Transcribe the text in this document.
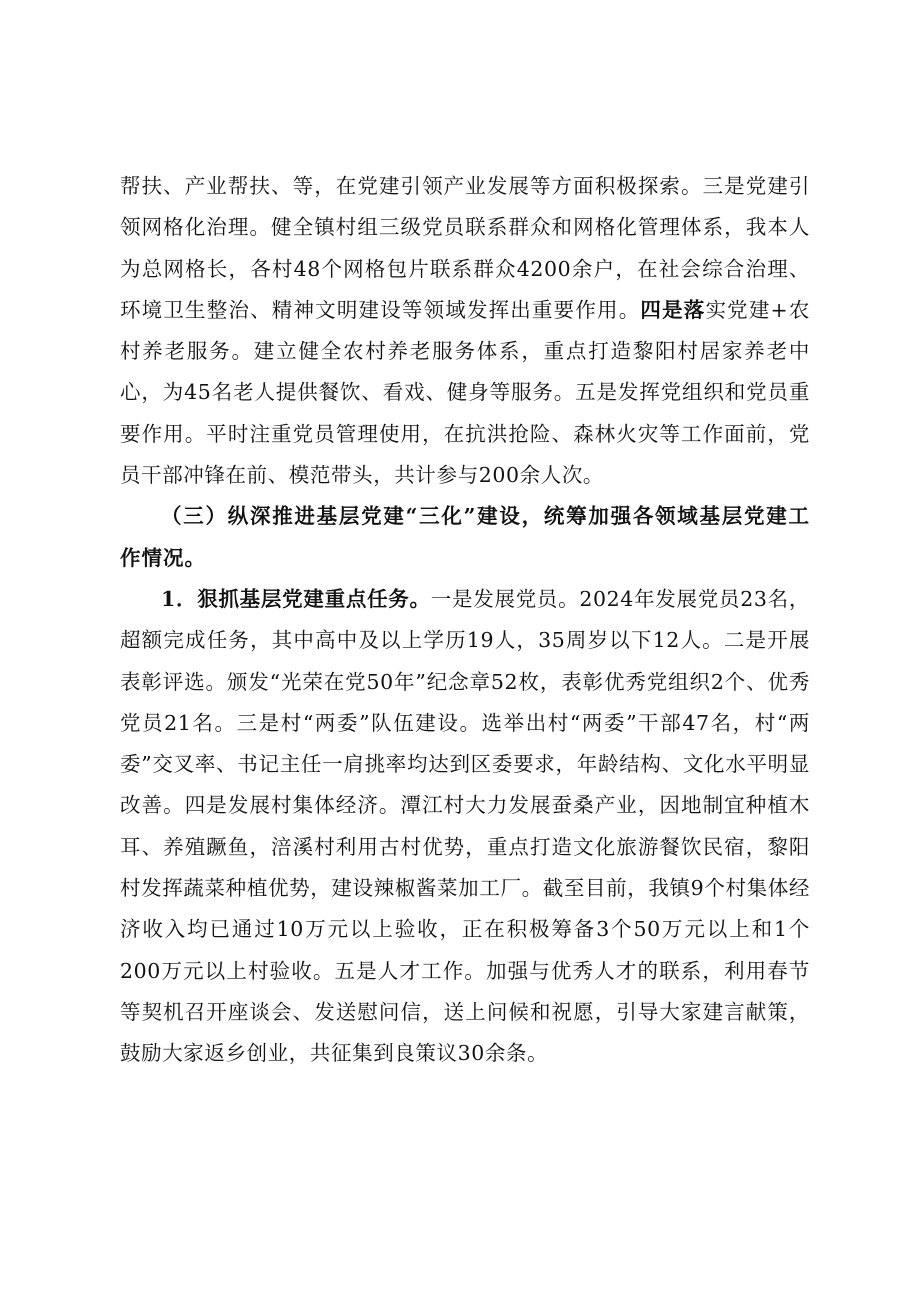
帮扶、产业帮扶、等，在党建引领产业发展等方面积极探索。三是党建引领网格化治理。健全镇村组三级党员联系群众和网格化管理体系，我本人为总网格长，各村48个网格包片联系群众4200余户，在社会综合治理、环境卫生整治、精神文明建设等领域发挥出重要作用。四是落实党建+农村养老服务。建立健全农村养老服务体系，重点打造黎阳村居家养老中心，为45名老人提供餐饮、看戏、健身等服务。五是发挥党组织和党员重要作用。平时注重党员管理使用，在抗洪抢险、森林火灾等工作面前，党员干部冲锋在前、模范带头，共计参与200余人次。

（三）纵深推进基层党建“三化”建设，统筹加强各领域基层党建工作情况。

1．狠抓基层党建重点任务。一是发展党员。2024年发展党员23名，超额完成任务，其中高中及以上学历19人，35周岁以下12人。二是开展表彰评选。颁发“光荣在党50年”纪念章52枚，表彰优秀党组织2个、优秀党员21名。三是村“两委”队伍建设。选举出村“两委”干部47名，村“两委”交叉率、书记主任一肩挑率均达到区委要求，年龄结构、文化水平明显改善。四是发展村集体经济。潭江村大力发展蚕桑产业，因地制宜种植木耳、养殖蹶鱼，涪溪村利用古村优势，重点打造文化旅游餐饮民宿，黎阳村发挥蔬菜种植优势，建设辣椒酱菜加工厂。截至目前，我镇9个村集体经济收入均已通过10万元以上验收，正在积极筹备3个50万元以上和1个200万元以上村验收。五是人才工作。加强与优秀人才的联系，利用春节等契机召开座谈会、发送慰问信，送上问候和祝愿，引导大家建言献策，鼓励大家返乡创业，共征集到良策议30余条。
